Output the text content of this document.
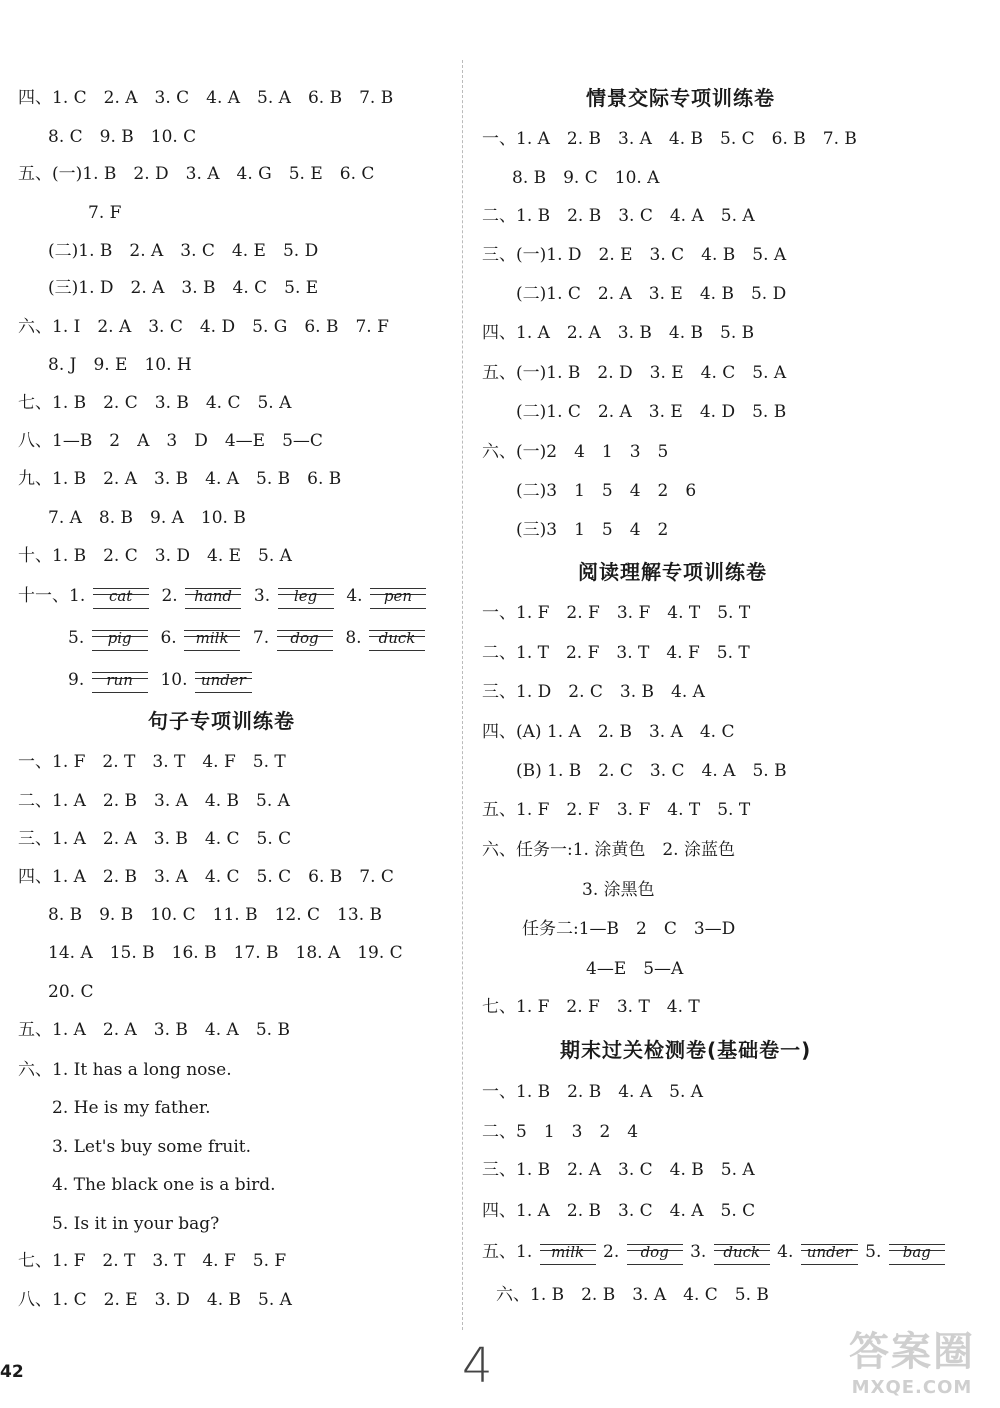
四、1. C　2. A　3. C　4. A　5. A　6. B　7. B
8. C　9. B　10. C
五、(一)1. B　2. D　3. A　4. G　5. E　6. C
7. F
(二)1. B　2. A　3. C　4. E　5. D
(三)1. D　2. A　3. B　4. C　5. E
六、1. I　2. A　3. C　4. D　5. G　6. B　7. F
8. J　9. E　10. H
七、1. B　2. C　3. B　4. C　5. A
八、1—B　2　A　3　D　4—E　5—C
九、1. B　2. A　3. B　4. A　5. B　6. B
7. A　8. B　9. A　10. B
十、1. B　2. C　3. D　4. E　5. A
十一、1. cat 2. hand 3. leg 4. pen
5. pig 6. milk 7. dog 8. duck
9. run 10. under
句子专项训练卷
一、1. F　2. T　3. T　4. F　5. T
二、1. A　2. B　3. A　4. B　5. A
三、1. A　2. A　3. B　4. C　5. C
四、1. A　2. B　3. A　4. C　5. C　6. B　7. C
8. B　9. B　10. C　11. B　12. C　13. B
14. A　15. B　16. B　17. B　18. A　19. C
20. C
五、1. A　2. A　3. B　4. A　5. B
六、1. It has a long nose.
2. He is my father.
3. Let's buy some fruit.
4. The black one is a bird.
5. Is it in your bag?
七、1. F　2. T　3. T　4. F　5. F
八、1. C　2. E　3. D　4. B　5. A
情景交际专项训练卷
一、1. A　2. B　3. A　4. B　5. C　6. B　7. B
8. B　9. C　10. A
二、1. B　2. B　3. C　4. A　5. A
三、(一)1. D　2. E　3. C　4. B　5. A
(二)1. C　2. A　3. E　4. B　5. D
四、1. A　2. A　3. B　4. B　5. B
五、(一)1. B　2. D　3. E　4. C　5. A
(二)1. C　2. A　3. E　4. D　5. B
六、(一)2　4　1　3　5
(二)3　1　5　4　2　6
(三)3　1　5　4　2
阅读理解专项训练卷
一、1. F　2. F　3. F　4. T　5. T
二、1. T　2. F　3. T　4. F　5. T
三、1. D　2. C　3. B　4. A
四、(A) 1. A　2. B　3. A　4. C
(B) 1. B　2. C　3. C　4. A　5. B
五、1. F　2. F　3. F　4. T　5. T
六、任务一:1. 涂黄色　2. 涂蓝色
3. 涂黑色
任务二:1—B　2　C　3—D
4—E　5—A
七、1. F　2. F　3. T　4. T
期末过关检测卷(基础卷一)
一、1. B　2. B　4. A　5. A
二、5　1　3　2　4
三、1. B　2. A　3. C　4. B　5. A
四、1. A　2. B　3. C　4. A　5. C
五、1. milk 2. dog 3. duck 4. under 5. bag
六、1. B　2. B　3. A　4. C　5. B
42	4	答案圈
MXQE.COM
